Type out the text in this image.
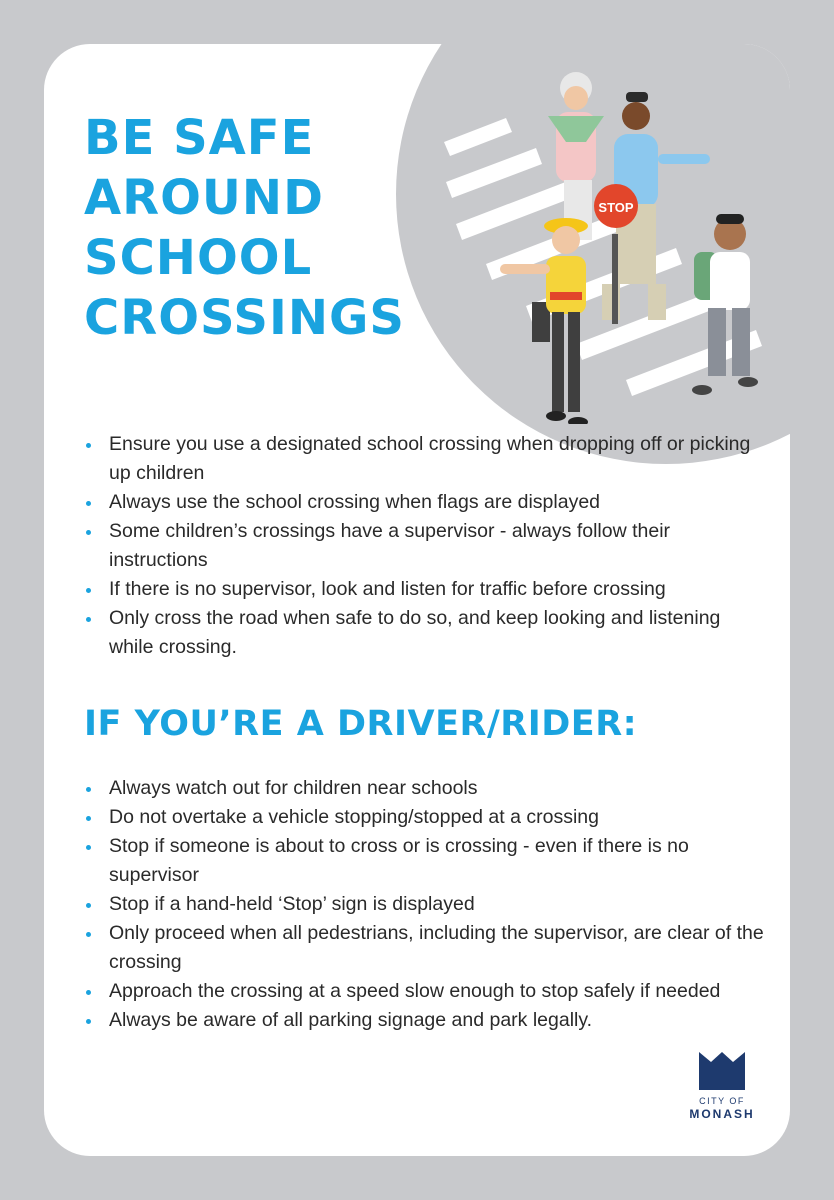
STOP
BE SAFE
AROUND
SCHOOL
CROSSINGS
Ensure you use a designated school crossing when dropping off or picking up children
Always use the school crossing when flags are displayed
Some children’s crossings have a supervisor - always follow their instructions
If there is no supervisor, look and listen for traffic before crossing
Only cross the road when safe to do so, and keep looking and listening while crossing.
IF YOU’RE A DRIVER/RIDER:
Always watch out for children near schools
Do not overtake a vehicle stopping/stopped at a crossing
Stop if someone is about to cross or is crossing - even if there is no supervisor
Stop if a hand-held ‘Stop’ sign is displayed
Only proceed when all pedestrians, including the supervisor, are clear of the crossing
Approach the crossing at a speed slow enough to stop safely if needed
Always be aware of all parking signage and park legally.
CITY OF
MONASH
